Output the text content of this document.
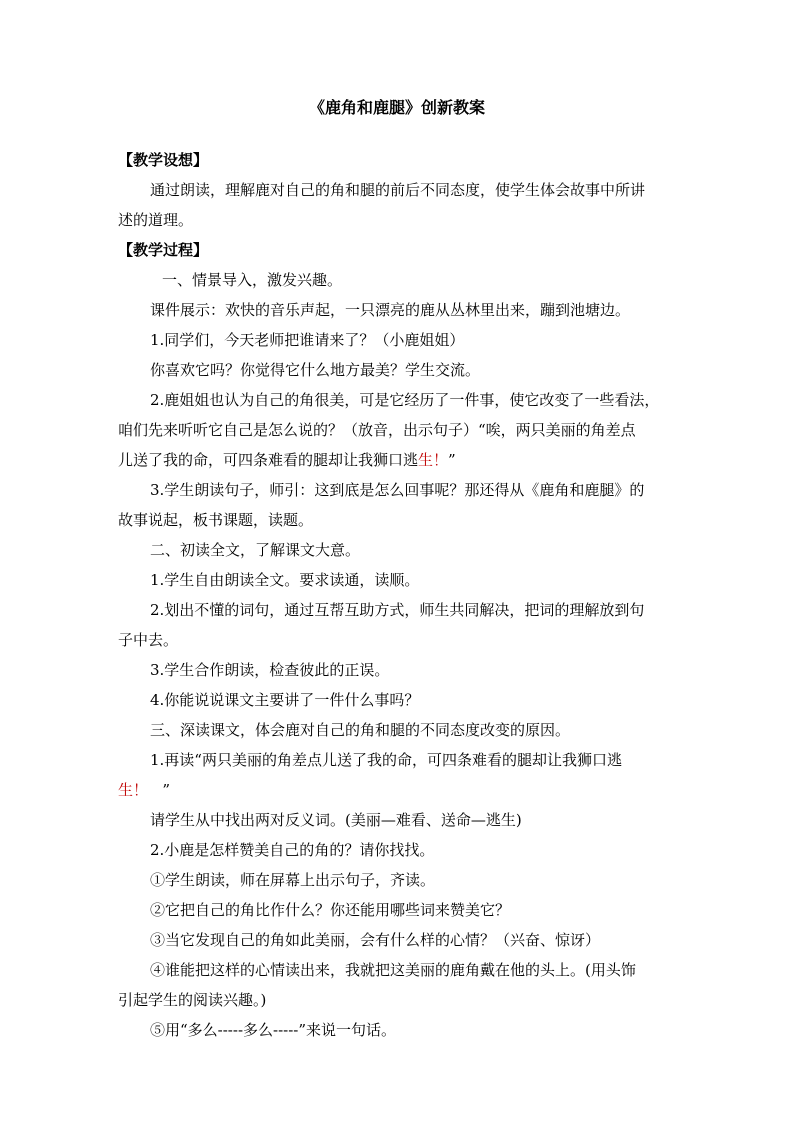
《鹿角和鹿腿》创新教案

【教学设想】

通过朗读，理解鹿对自己的角和腿的前后不同态度，使学生体会故事中所讲

述的道理。

【教学过程】

一、情景导入，激发兴趣。

课件展示：欢快的音乐声起，一只漂亮的鹿从丛林里出来，蹦到池塘边。

1.同学们，今天老师把谁请来了？（小鹿姐姐）

你喜欢它吗？你觉得它什么地方最美？学生交流。

2.鹿姐姐也认为自己的角很美，可是它经历了一件事，使它改变了一些看法，

咱们先来听听它自己是怎么说的？（放音，出示句子）“唉，两只美丽的角差点

儿送了我的命，可四条难看的腿却让我狮口逃生！”

3.学生朗读句子，师引：这到底是怎么回事呢？那还得从《鹿角和鹿腿》的

故事说起，板书课题，读题。

二、初读全文，了解课文大意。

1.学生自由朗读全文。要求读通，读顺。

2.划出不懂的词句，通过互帮互助方式，师生共同解决，把词的理解放到句

子中去。

3.学生合作朗读，检查彼此的正误。

4.你能说说课文主要讲了一件什么事吗？

三、深读课文，体会鹿对自己的角和腿的不同态度改变的原因。

1.再读“两只美丽的角差点儿送了我的命，可四条难看的腿却让我狮口逃

生！ ”

请学生从中找出两对反义词。(美丽—难看、送命—逃生)

2.小鹿是怎样赞美自己的角的？请你找找。

①学生朗读，师在屏幕上出示句子，齐读。

②它把自己的角比作什么？你还能用哪些词来赞美它？

③当它发现自己的角如此美丽，会有什么样的心情？（兴奋、惊讶）

④谁能把这样的心情读出来，我就把这美丽的鹿角戴在他的头上。(用头饰

引起学生的阅读兴趣。)

⑤用“多么-----多么-----”来说一句话。
